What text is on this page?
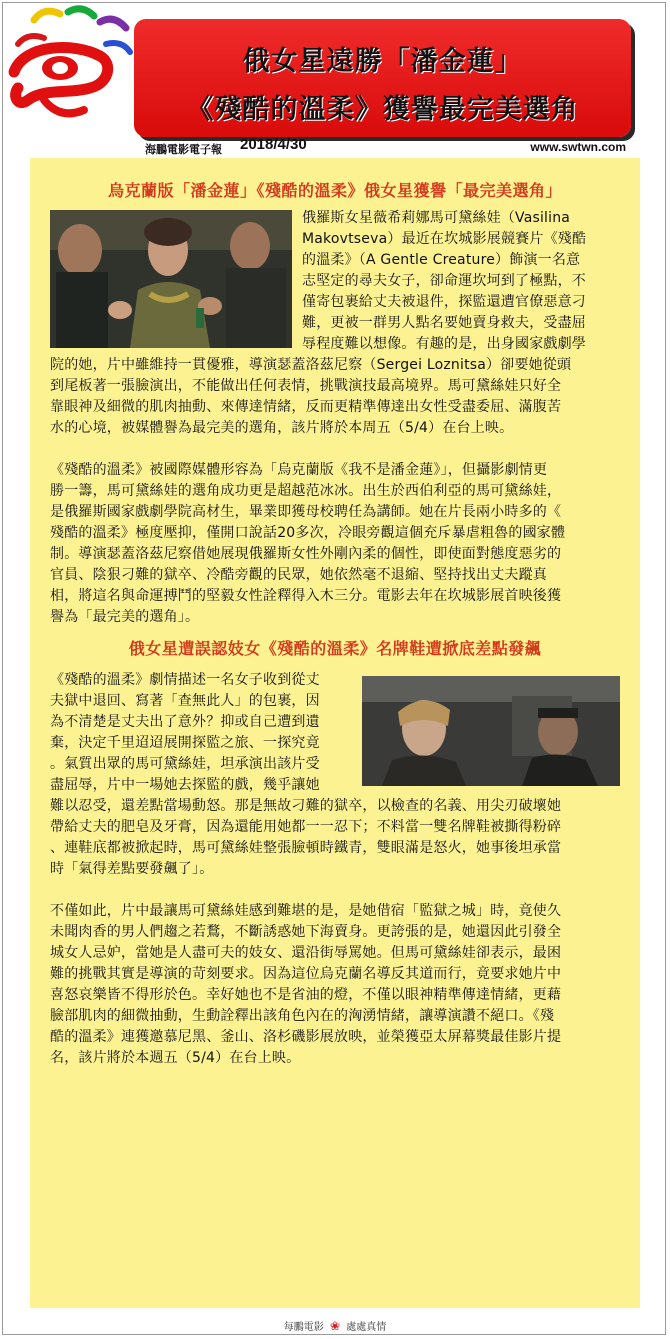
俄女星遠勝「潘金蓮」
《殘酷的溫柔》獲譽最完美選角
海鵬電影電子報 2018/4/30	www.swtwn.com
烏克蘭版「潘金蓮」《殘酷的溫柔》俄女星獲譽「最完美選角」
俄羅斯女星薇希莉娜馬可黛絲娃（Vasilina
Makovtseva）最近在坎城影展競賽片《殘酷
的溫柔》（A Gentle Creature）飾演一名意
志堅定的尋夫女子，卻命運坎坷到了極點，不
僅寄包裹給丈夫被退件，探監還遭官僚惡意刁
難，更被一群男人點名要她賣身救夫，受盡屈
辱程度難以想像。有趣的是，出身國家戲劇學
院的她，片中雖維持一貫優雅，導演瑟蓋洛茲尼察（Sergei Loznitsa）卻要她從頭
到尾板著一張臉演出，不能做出任何表情，挑戰演技最高境界。馬可黛絲娃只好全
靠眼神及細微的肌肉抽動、來傳達情緒，反而更精準傳達出女性受盡委屈、滿腹苦
水的心境，被媒體譽為最完美的選角，該片將於本周五（5/4）在台上映。
《殘酷的溫柔》被國際媒體形容為「烏克蘭版《我不是潘金蓮》」，但攝影劇情更
勝一籌，馬可黛絲娃的選角成功更是超越范冰冰。出生於西伯利亞的馬可黛絲娃，
是俄羅斯國家戲劇學院高材生，畢業即獲母校聘任為講師。她在片長兩小時多的《
殘酷的溫柔》極度壓抑，僅開口說話20多次，冷眼旁觀這個充斥暴虐粗魯的國家體
制。導演瑟蓋洛茲尼察借她展現俄羅斯女性外剛內柔的個性，即使面對態度惡劣的
官員、陰狠刁難的獄卒、冷酷旁觀的民眾，她依然毫不退縮、堅持找出丈夫蹤真
相，將這名與命運搏鬥的堅毅女性詮釋得入木三分。電影去年在坎城影展首映後獲
譽為「最完美的選角」。
俄女星遭誤認妓女《殘酷的溫柔》名牌鞋遭掀底差點發飆
《殘酷的溫柔》劇情描述一名女子收到從丈
夫獄中退回、寫著「查無此人」的包裹，因
為不清楚是丈夫出了意外？抑或自己遭到遺
棄，決定千里迢迢展開探監之旅、一探究竟
。氣質出眾的馬可黛絲娃，坦承演出該片受
盡屈辱，片中一場她去探監的戲，幾乎讓她
難以忍受，還差點當場動怒。那是無故刁難的獄卒，以檢查的名義、用尖刃破壞她
帶給丈夫的肥皂及牙膏，因為還能用她都一一忍下；不料當一雙名牌鞋被撕得粉碎
、連鞋底都被掀起時，馬可黛絲娃整張臉頓時鐵青，雙眼滿是怒火，她事後坦承當
時「氣得差點要發飆了」。
不僅如此，片中最讓馬可黛絲娃感到難堪的是，是她借宿「監獄之城」時，竟使久
未聞肉香的男人們趨之若鶩，不斷誘惑她下海賣身。更誇張的是，她還因此引發全
城女人忌妒，當她是人盡可夫的妓女、還沿街辱罵她。但馬可黛絲娃卻表示，最困
難的挑戰其實是導演的苛刻要求。因為這位烏克蘭名導反其道而行，竟要求她片中
喜怒哀樂皆不得形於色。幸好她也不是省油的燈，不僅以眼神精準傳達情緒，更藉
臉部肌肉的細微抽動，生動詮釋出該角色內在的洶湧情緒，讓導演讚不絕口。《殘
酷的溫柔》連獲邀慕尼黑、釜山、洛杉磯影展放映，並榮獲亞太屏幕獎最佳影片提
名，該片將於本週五（5/4）在台上映。
每鵬電影 ❀ 處處真情
